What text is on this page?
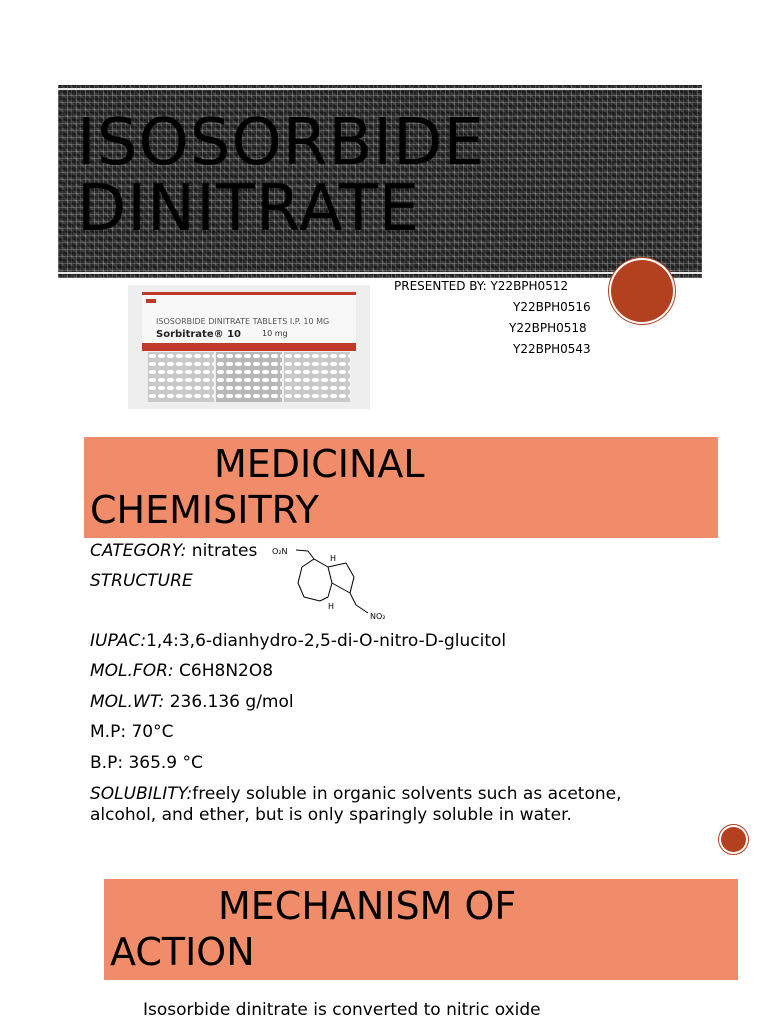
ISOSORBIDE
DINITRATE
PRESENTED BY: Y22BPH0512
Y22BPH0516
Y22BPH0518
Y22BPH0543
ISOSORBIDE DINITRATE TABLETS I.P. 10 MG
Sorbitrate® 10	10 mg
MEDICINAL
CHEMISITRY
CATEGORY: nitrates
STRUCTURE
O₂N
NO₂
H
H
IUPAC:1,4:3,6-dianhydro-2,5-di-O-nitro-D-glucitol
MOL.FOR: C6H8N2O8
MOL.WT: 236.136 g/mol
M.P: 70°C
B.P: 365.9 °C
SOLUBILITY:freely soluble in organic solvents such as acetone,
alcohol, and ether, but is only sparingly soluble in water.
MECHANISM OF
ACTION
Isosorbide dinitrate is converted to nitric oxide
